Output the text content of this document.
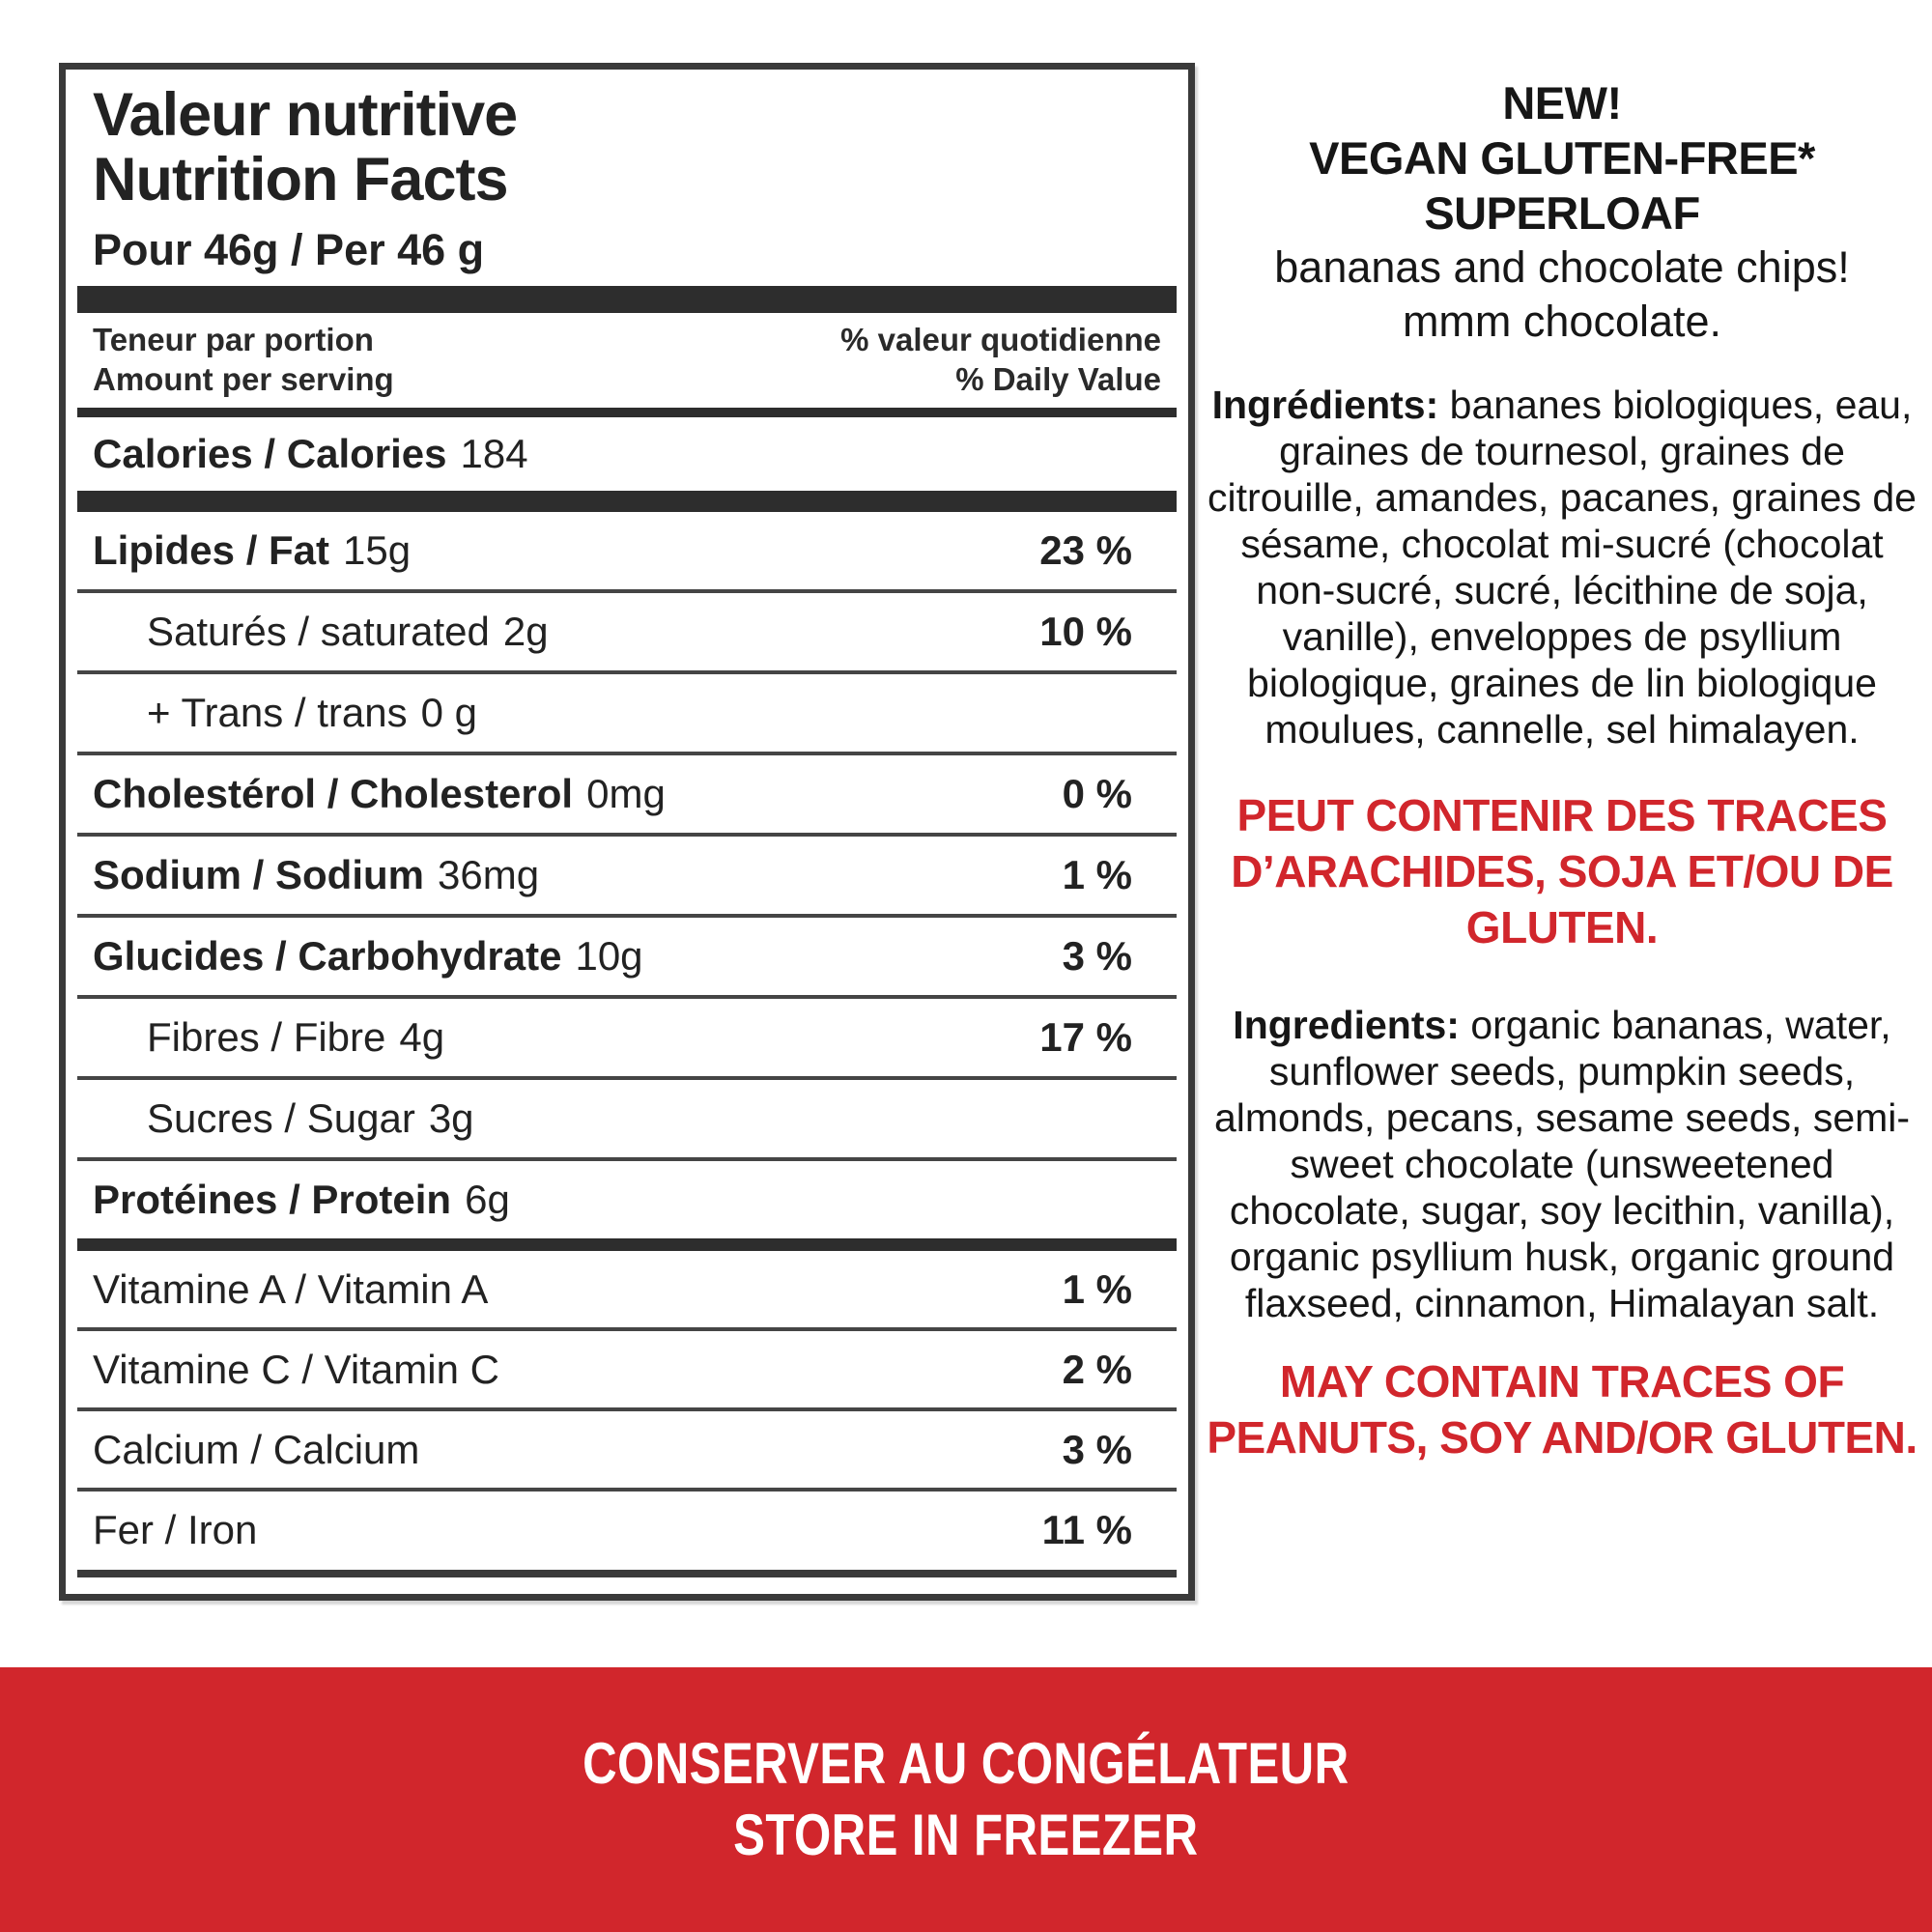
Valeur nutritive
Nutrition Facts
Pour 46g / Per 46 g
Teneur par portion
Amount per serving
% valeur quotidienne
% Daily Value
Calories / Calories 184
Lipides / Fat 15g	23 %
Saturés / saturated 2g	10 %
+ Trans / trans 0 g
Cholestérol / Cholesterol 0mg	0 %
Sodium / Sodium 36mg	1 %
Glucides / Carbohydrate 10g	3 %
Fibres / Fibre 4g	17 %
Sucres / Sugar 3g
Protéines / Protein 6g
Vitamine A / Vitamin A	1 %
Vitamine C / Vitamin C	2 %
Calcium / Calcium	3 %
Fer / Iron	11 %
NEW!
VEGAN GLUTEN-FREE*
SUPERLOAF
bananas and chocolate chips!
mmm chocolate.

Ingrédients: bananes biologiques, eau, graines de tournesol, graines de citrouille, amandes, pacanes, graines de sésame, chocolat mi-sucré (chocolat non-sucré, sucré, lécithine de soja, vanille), enveloppes de psyllium biologique, graines de lin biologique moulues, cannelle, sel himalayen.

PEUT CONTENIR DES TRACES D’ARACHIDES, SOJA ET/OU DE GLUTEN.

Ingredients: organic bananas, water, sunflower seeds, pumpkin seeds, almonds, pecans, sesame seeds, semi-sweet chocolate (unsweetened chocolate, sugar, soy lecithin, vanilla), organic psyllium husk, organic ground flaxseed, cinnamon, Himalayan salt.

MAY CONTAIN TRACES OF PEANUTS, SOY AND/OR GLUTEN.
CONSERVER AU CONGÉLATEUR
STORE IN FREEZER
